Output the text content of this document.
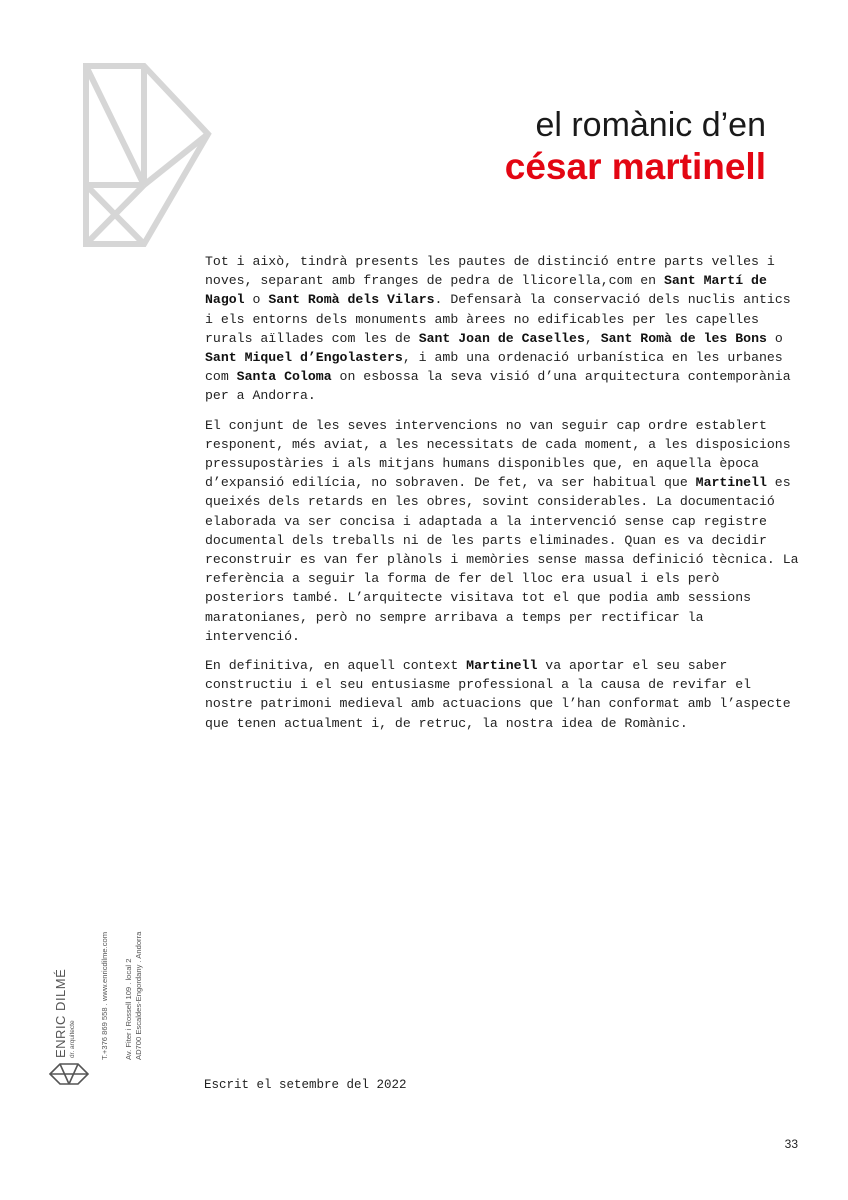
el romànic d’en
césar martinell

Tot i això, tindrà presents les pautes de distinció entre parts velles i noves, separant amb franges de pedra de llicorella,com en Sant Martí de Nagol o Sant Romà dels Vilars. Defensarà la conservació dels nuclis antics i els entorns dels monuments amb àrees no edificables per les capelles rurals aïllades com les de Sant Joan de Caselles, Sant Romà de les Bons o Sant Miquel d’Engolasters, i amb una ordenació urbanística en les urbanes com Santa Coloma on esbossa la seva visió d’una arquitectura contemporània per a Andorra.

El conjunt de les seves intervencions no van seguir cap ordre establert responent, més aviat, a les necessitats de cada moment, a les disposicions pressupostàries i als mitjans humans disponibles que, en aquella època d’expansió edilícia, no sobraven. De fet, va ser habitual que Martinell es queixés dels retards en les obres, sovint considerables. La documentació elaborada va ser concisa i adaptada a la intervenció sense cap registre documental dels treballs ni de les parts eliminades. Quan es va decidir reconstruir es van fer plànols i memòries sense massa definició tècnica. La referència a seguir la forma de fer del lloc era usual i els però posteriors també. L’arquitecte visitava tot el que podia amb sessions maratonianes, però no sempre arribava a temps per rectificar la intervenció.

En definitiva, en aquell context Martinell va aportar el seu saber constructiu i el seu entusiasme professional a la causa de revifar el nostre patrimoni medieval amb actuacions que l’han conformat amb l’aspecte que tenen actualment i, de retruc, la nostra idea de Romànic.

ENRIC DILMÉ dr. arquitecte	T.+376 869 558 . www.enricdilme.com Av. Fiter i Rossell 109 . local 2 AD700 Escaldes-Engordany . Andorra
Escrit el setembre del 2022
33
